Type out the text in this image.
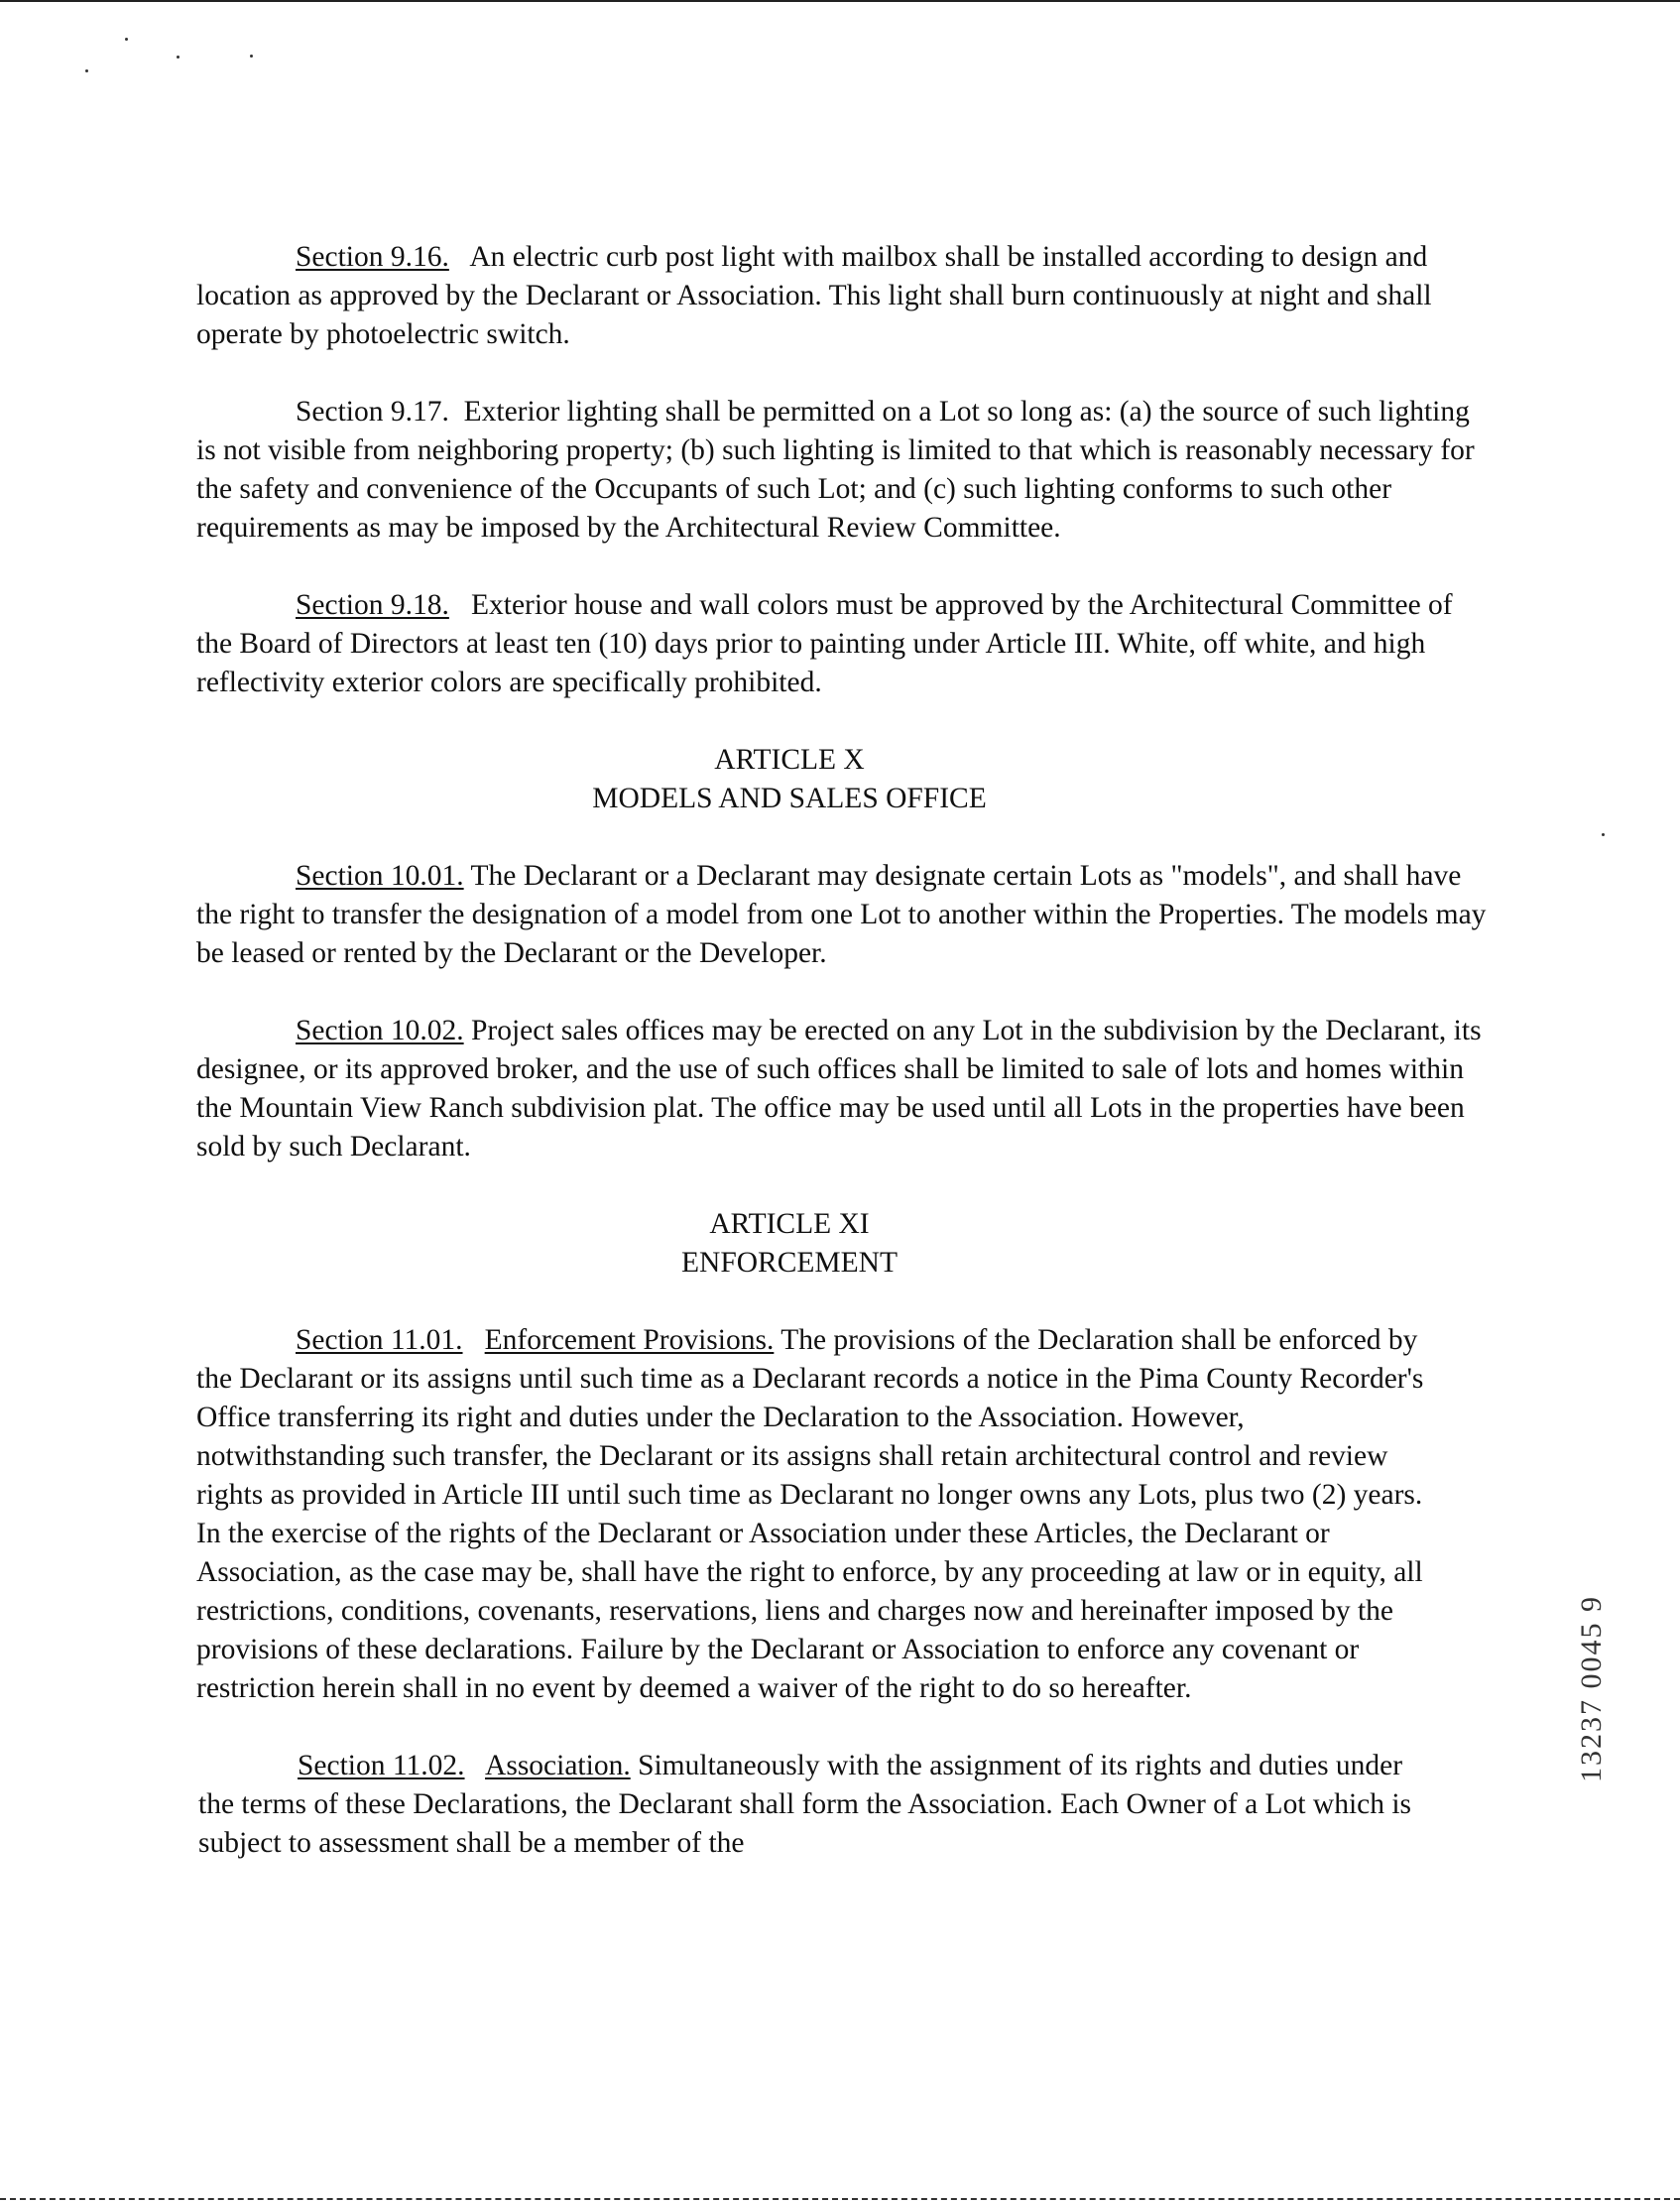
Section 9.16. An electric curb post light with mailbox shall be installed according to design and location as approved by the Declarant or Association. This light shall burn continuously at night and shall operate by photoelectric switch.

Section 9.17. Exterior lighting shall be permitted on a Lot so long as: (a) the source of such lighting is not visible from neighboring property; (b) such lighting is limited to that which is reasonably necessary for the safety and convenience of the Occupants of such Lot; and (c) such lighting conforms to such other requirements as may be imposed by the Architectural Review Committee.

Section 9.18. Exterior house and wall colors must be approved by the Architectural Committee of the Board of Directors at least ten (10) days prior to painting under Article III. White, off white, and high reflectivity exterior colors are specifically prohibited.

ARTICLE X
MODELS AND SALES OFFICE

Section 10.01. The Declarant or a Declarant may designate certain Lots as "models", and shall have the right to transfer the designation of a model from one Lot to another within the Properties. The models may be leased or rented by the Declarant or the Developer.

Section 10.02. Project sales offices may be erected on any Lot in the subdivision by the Declarant, its designee, or its approved broker, and the use of such offices shall be limited to sale of lots and homes within the Mountain View Ranch subdivision plat. The office may be used until all Lots in the properties have been sold by such Declarant.

ARTICLE XI
ENFORCEMENT

Section 11.01. Enforcement Provisions. The provisions of the Declaration shall be enforced by the Declarant or its assigns until such time as a Declarant records a notice in the Pima County Recorder's Office transferring its right and duties under the Declaration to the Association. However, notwithstanding such transfer, the Declarant or its assigns shall retain architectural control and review rights as provided in Article III until such time as Declarant no longer owns any Lots, plus two (2) years. In the exercise of the rights of the Declarant or Association under these Articles, the Declarant or Association, as the case may be, shall have the right to enforce, by any proceeding at law or in equity, all restrictions, conditions, covenants, reservations, liens and charges now and hereinafter imposed by the provisions of these declarations. Failure by the Declarant or Association to enforce any covenant or restriction herein shall in no event by deemed a waiver of the right to do so hereafter.

Section 11.02. Association. Simultaneously with the assignment of its rights and duties under the terms of these Declarations, the Declarant shall form the Association. Each Owner of a Lot which is subject to assessment shall be a member of the

13237 0045 9
